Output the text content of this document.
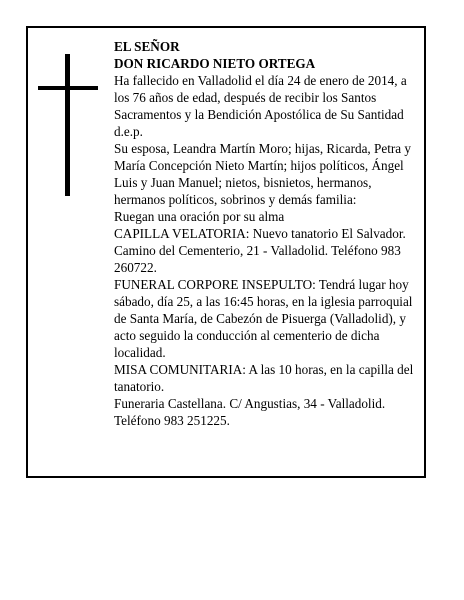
EL SEÑOR

DON RICARDO NIETO ORTEGA

Ha fallecido en Valladolid el día 24 de enero de 2014, a los 76 años de edad, después de recibir los Santos Sacramentos y la Bendición Apostólica de Su Santidad d.e.p.

Su esposa, Leandra Martín Moro; hijas, Ricarda, Petra y María Concepción Nieto Martín; hijos políticos, Ángel Luis y Juan Manuel; nietos, bisnietos, hermanos, hermanos políticos, sobrinos y demás familia:

Ruegan una oración por su alma

CAPILLA VELATORIA: Nuevo tanatorio El Salvador. Camino del Cementerio, 21 - Valladolid. Teléfono 983 260722.

FUNERAL CORPORE INSEPULTO: Tendrá lugar hoy sábado, día 25, a las 16:45 horas, en la iglesia parroquial de Santa María, de Cabezón de Pisuerga (Valladolid), y acto seguido la conducción al cementerio de dicha localidad.

MISA COMUNITARIA: A las 10 horas, en la capilla del tanatorio.

Funeraria Castellana. C/ Angustias, 34 - Valladolid. Teléfono 983 251225.
